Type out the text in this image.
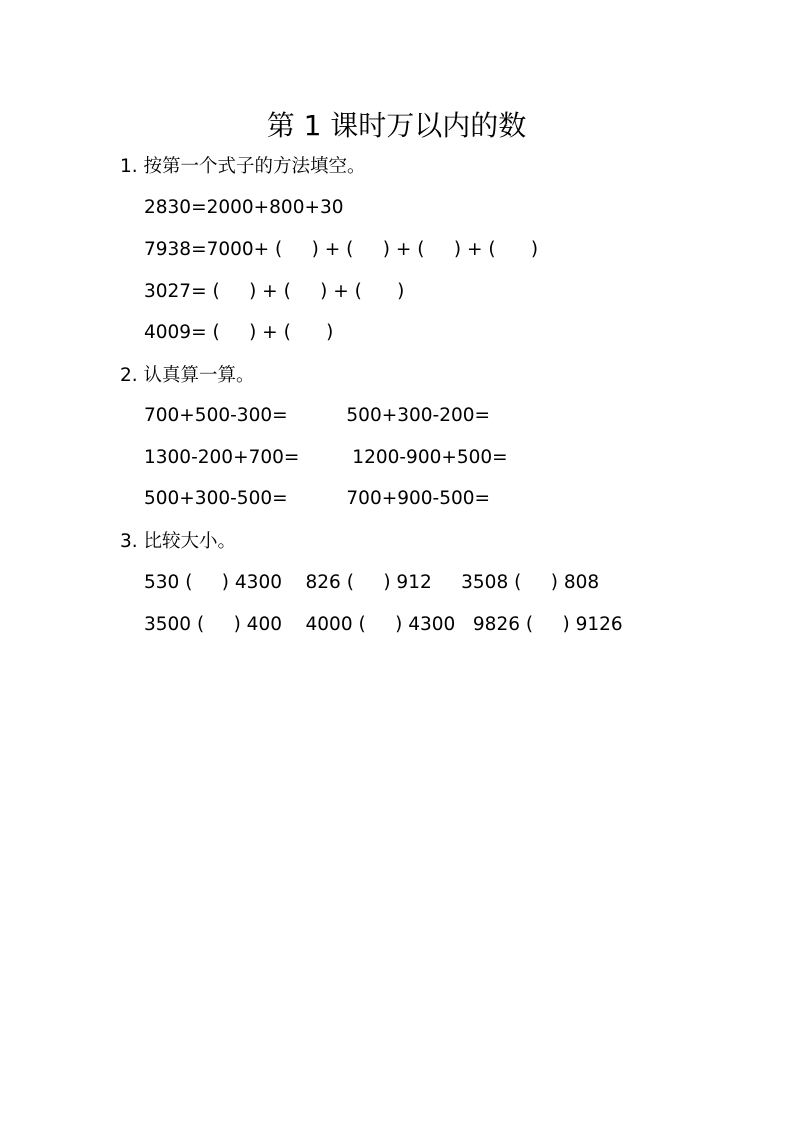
第 1 课时万以内的数
1. 按第一个式子的方法填空。
2830=2000+800+30
7938=7000+ (     ) + (     ) + (     ) + (      )
3027= (     ) + (     ) + (      )
4009= (     ) + (      )
2. 认真算一算。
700+500-300=          500+300-200=
1300-200+700=         1200-900+500=
500+300-500=          700+900-500=
3. 比较大小。
530 (     ) 4300    826 (     ) 912     3508 (     ) 808
3500 (     ) 400    4000 (     ) 4300   9826 (     ) 9126
